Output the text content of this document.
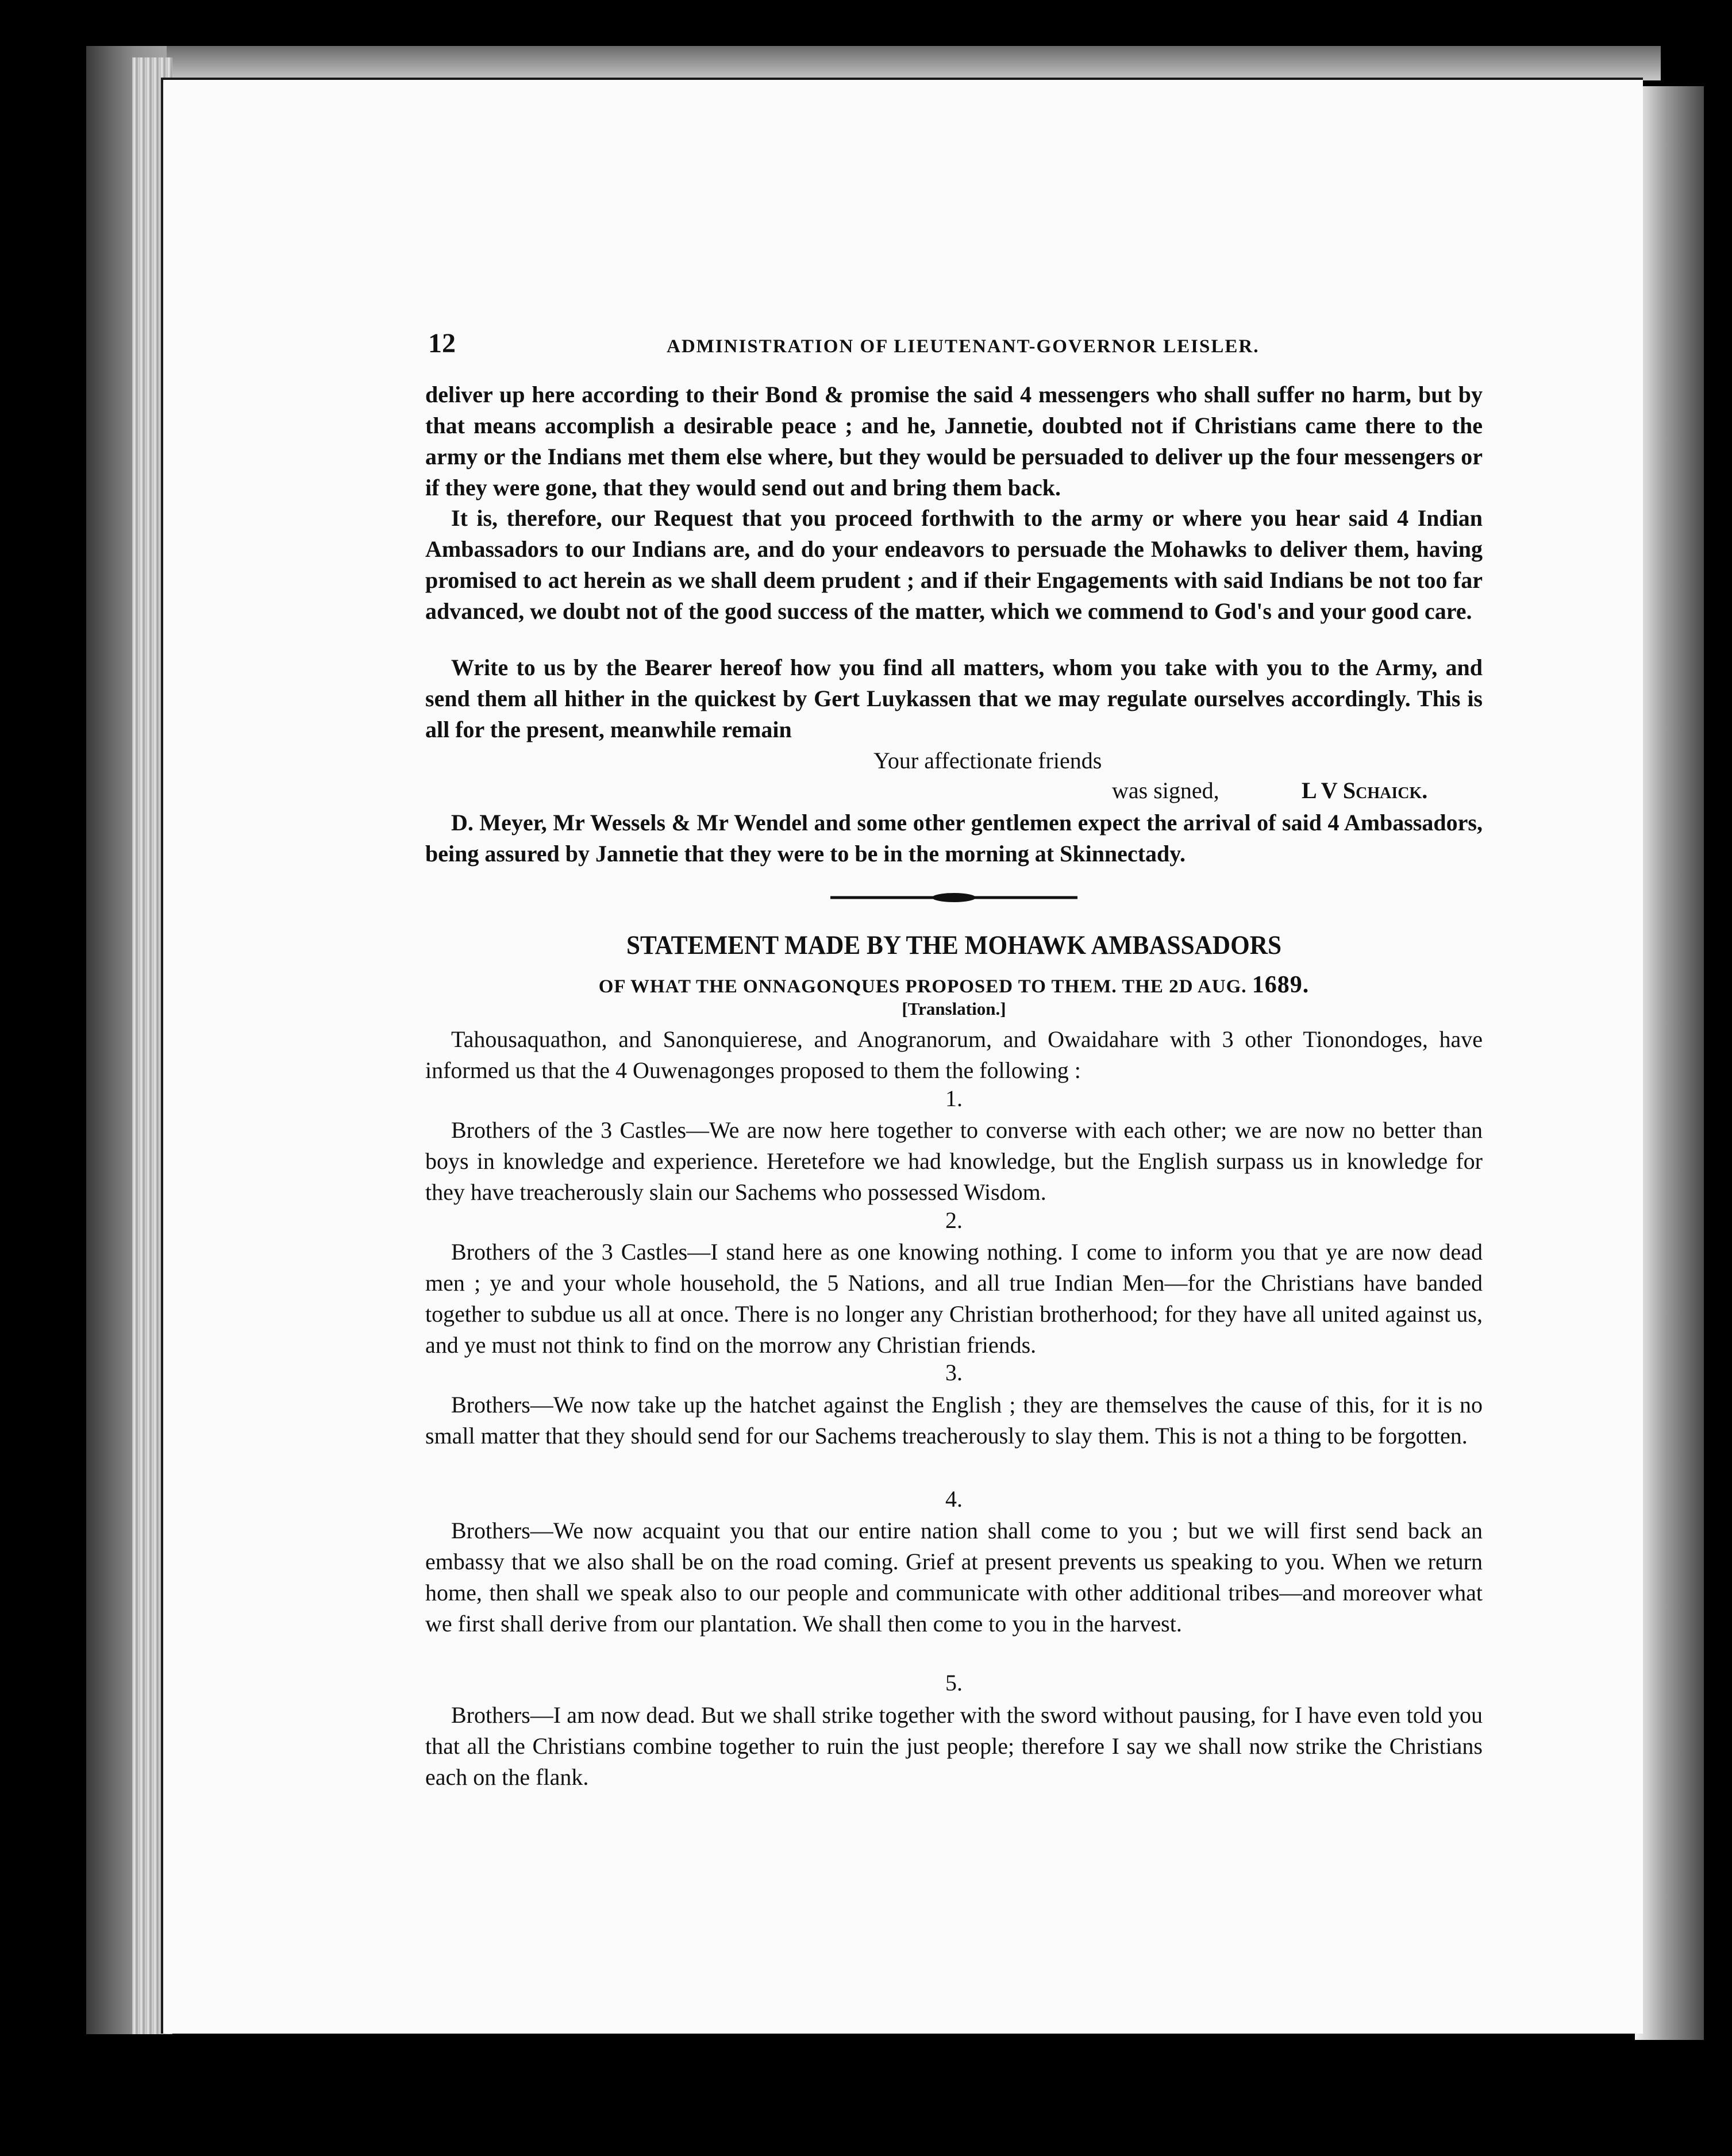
12	ADMINISTRATION OF LIEUTENANT-GOVERNOR LEISLER.

deliver up here according to their Bond & promise the said 4 messengers who shall suffer no harm, but by that means accomplish a desirable peace ; and he, Jannetie, doubted not if Christians came there to the army or the Indians met them else where, but they would be persuaded to deliver up the four messengers or if they were gone, that they would send out and bring them back.

It is, therefore, our Request that you proceed forthwith to the army or where you hear said 4 Indian Ambassadors to our Indians are, and do your endeavors to persuade the Mohawks to deliver them, having promised to act herein as we shall deem prudent ; and if their Engagements with said Indians be not too far advanced, we doubt not of the good success of the matter, which we commend to God's and your good care.

Write to us by the Bearer hereof how you find all matters, whom you take with you to the Army, and send them all hither in the quickest by Gert Luykassen that we may regulate ourselves accordingly. This is all for the present, meanwhile remain

Your affectionate friends
was signed,	L V Schaick.

D. Meyer, Mr Wessels & Mr Wendel and some other gentlemen expect the arrival of said 4 Ambassadors, being assured by Jannetie that they were to be in the morning at Skinnectady.

STATEMENT MADE BY THE MOHAWK AMBASSADORS
OF WHAT THE ONNAGONQUES PROPOSED TO THEM. THE 2D AUG. 1689.
[Translation.]

Tahousaquathon, and Sanonquierese, and Anogranorum, and Owaidahare with 3 other Tionondoges, have informed us that the 4 Ouwenagonges proposed to them the following :

1.

Brothers of the 3 Castles—We are now here together to converse with each other; we are now no better than boys in knowledge and experience. Heretefore we had knowledge, but the English surpass us in knowledge for they have treacherously slain our Sachems who possessed Wisdom.

2.

Brothers of the 3 Castles—I stand here as one knowing nothing. I come to inform you that ye are now dead men ; ye and your whole household, the 5 Nations, and all true Indian Men—for the Christians have banded together to subdue us all at once. There is no longer any Christian brotherhood; for they have all united against us, and ye must not think to find on the morrow any Christian friends.

3.

Brothers—We now take up the hatchet against the English ; they are themselves the cause of this, for it is no small matter that they should send for our Sachems treacherously to slay them. This is not a thing to be forgotten.

4.

Brothers—We now acquaint you that our entire nation shall come to you ; but we will first send back an embassy that we also shall be on the road coming. Grief at present prevents us speaking to you. When we return home, then shall we speak also to our people and communicate with other additional tribes—and moreover what we first shall derive from our plantation. We shall then come to you in the harvest.

5.

Brothers—I am now dead. But we shall strike together with the sword without pausing, for I have even told you that all the Christians combine together to ruin the just people; therefore I say we shall now strike the Christians each on the flank.
